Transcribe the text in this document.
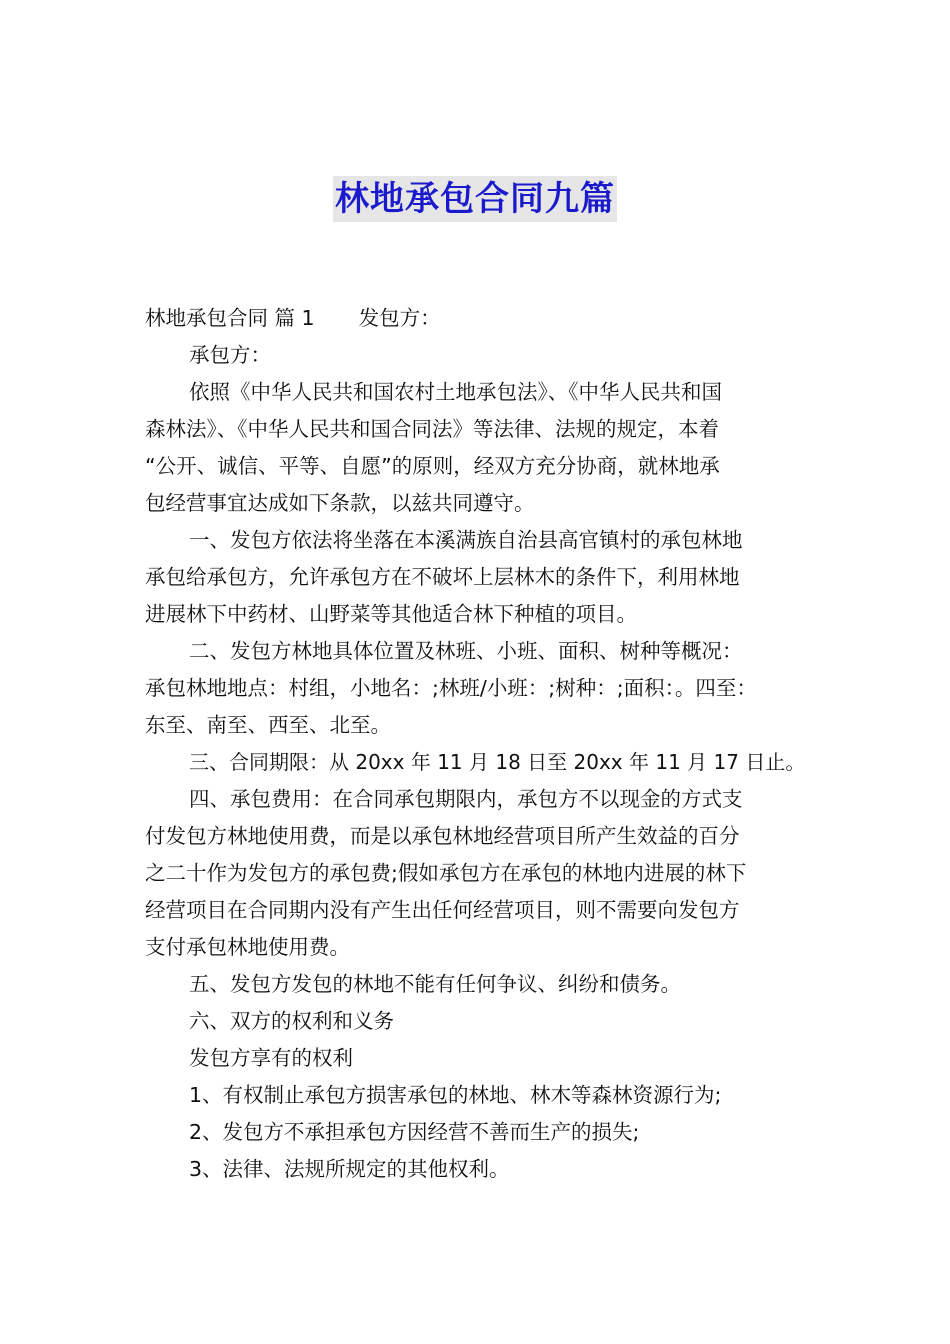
林地承包合同九篇
林地承包合同 篇 1 发包方：
承包方：
依照《中华人民共和国农村土地承包法》、《中华人民共和国
森林法》、《中华人民共和国合同法》等法律、法规的规定，本着
“公开、诚信、平等、自愿”的原则，经双方充分协商，就林地承
包经营事宜达成如下条款，以兹共同遵守。
一、发包方依法将坐落在本溪满族自治县高官镇村的承包林地
承包给承包方，允许承包方在不破坏上层林木的条件下，利用林地
进展林下中药材、山野菜等其他适合林下种植的项目。
二、发包方林地具体位置及林班、小班、面积、树种等概况：
承包林地地点：村组，小地名：;林班/小班：;树种：;面积：。四至：
东至、南至、西至、北至。
三、合同期限：从 20xx 年 11 月 18 日至 20xx 年 11 月 17 日止。
四、承包费用：在合同承包期限内，承包方不以现金的方式支
付发包方林地使用费，而是以承包林地经营项目所产生效益的百分
之二十作为发包方的承包费;假如承包方在承包的林地内进展的林下
经营项目在合同期内没有产生出任何经营项目，则不需要向发包方
支付承包林地使用费。
五、发包方发包的林地不能有任何争议、纠纷和债务。
六、双方的权利和义务
发包方享有的权利
1、有权制止承包方损害承包的林地、林木等森林资源行为;
2、发包方不承担承包方因经营不善而生产的损失;
3、法律、法规所规定的其他权利。
